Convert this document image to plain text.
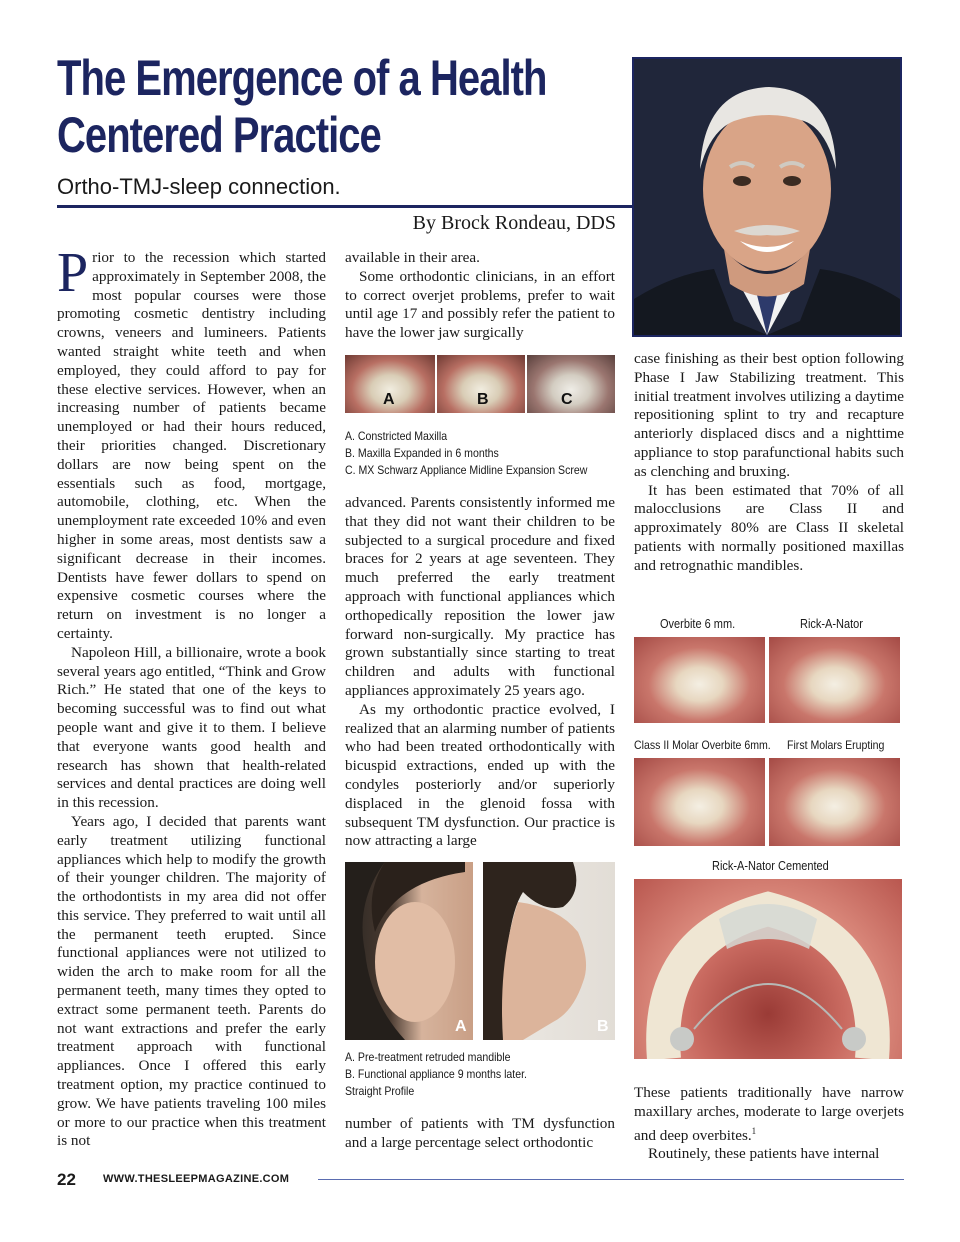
The Emergence of a Health
Centered Practice
Ortho-TMJ-sleep connection.
By Brock Rondeau, DDS

Prior to the recession which started approximately in September 2008, the most popular courses were those promoting cosmetic dentistry including crowns, veneers and lumineers. Patients wanted straight white teeth and when employed, they could afford to pay for these elective services. However, when an increasing number of patients became unemployed or had their hours reduced, their priorities changed. Discretionary dollars are now being spent on the essentials such as food, mortgage, automobile, clothing, etc. When the unemployment rate exceeded 10% and even higher in some areas, most dentists saw a significant decrease in their incomes. Dentists have fewer dollars to spend on expensive cosmetic courses where the return on investment is no longer a certainty.

Napoleon Hill, a billionaire, wrote a book several years ago entitled, “Think and Grow Rich.” He stated that one of the keys to becoming successful was to find out what people want and give it to them. I believe that everyone wants good health and research has shown that health-related services and dental practices are doing well in this recession.

Years ago, I decided that parents want early treatment utilizing functional appliances which help to modify the growth of their younger children. The majority of the orthodontists in my area did not offer this service. They preferred to wait until all the permanent teeth erupted. Since functional appliances were not utilized to widen the arch to make room for all the permanent teeth, many times they opted to extract some permanent teeth. Parents do not want extractions and prefer the early treatment approach with functional appliances. Once I offered this early treatment option, my practice continued to grow. We have patients traveling 100 miles or more to our practice when this treatment is not

available in their area.

Some orthodontic clinicians, in an effort to correct overjet problems, prefer to wait until age 17 and possibly refer the patient to have the lower jaw surgically

A	B	C
A. Constricted Maxilla
B. Maxilla Expanded in 6 months
C. MX Schwarz Appliance Midline Expansion Screw

advanced. Parents consistently informed me that they did not want their children to be subjected to a surgical procedure and fixed braces for 2 years at age seventeen. They much preferred the early treatment approach with functional appliances which orthopedically reposition the lower jaw forward non-surgically. My practice has grown substantially since starting to treat children and adults with functional appliances approximately 25 years ago.

As my orthodontic practice evolved, I realized that an alarming number of patients who had been treated orthodontically with bicuspid extractions, ended up with the condyles posteriorly and/or superiorly displaced in the glenoid fossa with subsequent TM dysfunction. Our practice is now attracting a large

A	B
A. Pre-treatment retruded mandible
B. Functional appliance 9 months later.
Straight Profile

number of patients with TM dysfunction and a large percentage select orthodontic

case finishing as their best option following Phase I Jaw Stabilizing treatment. This initial treatment involves utilizing a daytime repositioning splint to try and recapture anteriorly displaced discs and a nighttime appliance to stop parafunctional habits such as clenching and bruxing.

It has been estimated that 70% of all malocclusions are Class II and approximately 80% are Class II skeletal patients with normally positioned maxillas and retrognathic mandibles.

Overbite 6 mm.	Rick-A-Nator
Class II Molar Overbite 6mm. First Molars Erupting
Rick-A-Nator Cemented

These patients traditionally have narrow maxillary arches, moderate to large overjets and deep overbites.$^1$

Routinely, these patients have internal

22 WWW.THESLEEPMAGAZINE.COM
